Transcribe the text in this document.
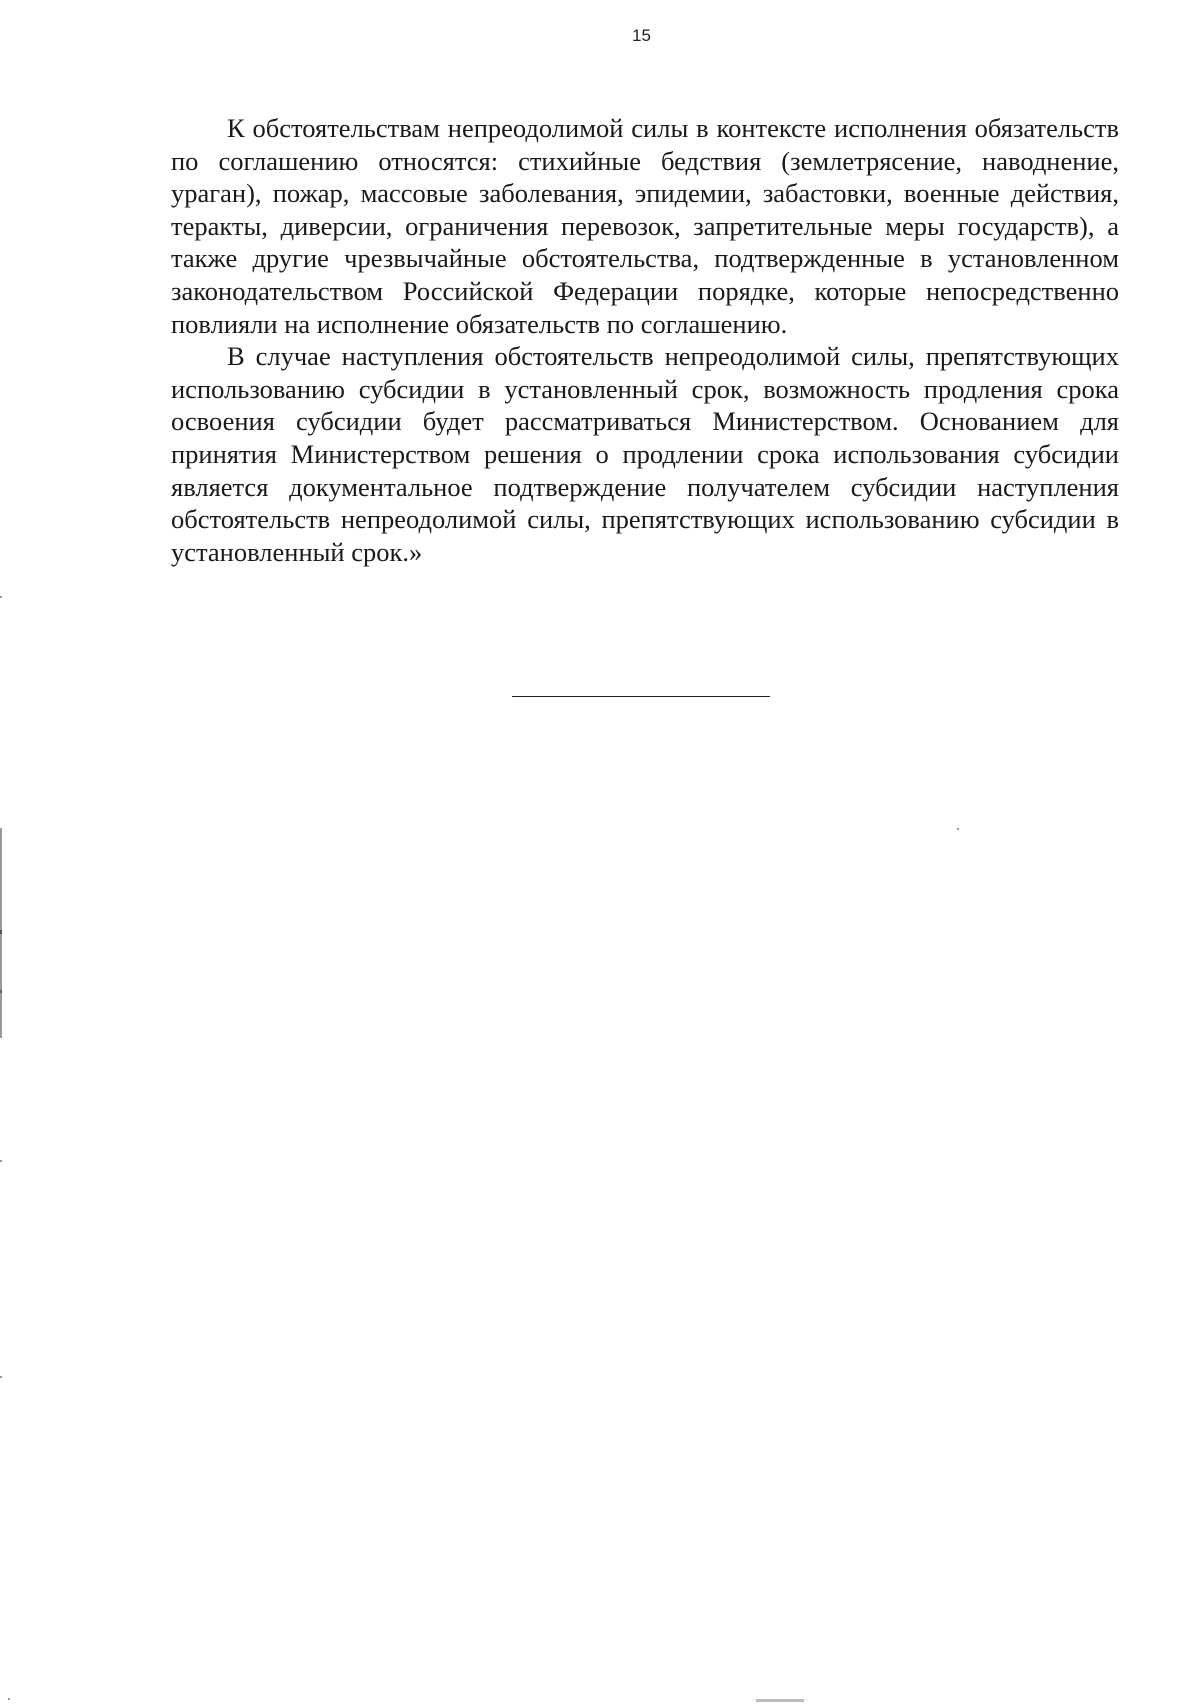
15

К обстоятельствам непреодолимой силы в контексте исполнения обязательств по соглашению относятся: стихийные бедствия (землетрясение, наводнение, ураган), пожар, массовые заболевания, эпидемии, забастовки, военные действия, теракты, диверсии, ограничения перевозок, запретительные меры государств), а также другие чрезвычайные обстоятельства, подтвержденные в установленном законодательством Российской Федерации порядке, которые непосредственно повлияли на исполнение обязательств по соглашению.

В случае наступления обстоятельств непреодолимой силы, препятствующих использованию субсидии в установленный срок, возможность продления срока освоения субсидии будет рассматриваться Министерством. Основанием для принятия Министерством решения о продлении срока использования субсидии является документальное подтверждение получателем субсидии наступления обстоятельств непреодолимой силы, препятствующих использованию субсидии в установленный срок.»
